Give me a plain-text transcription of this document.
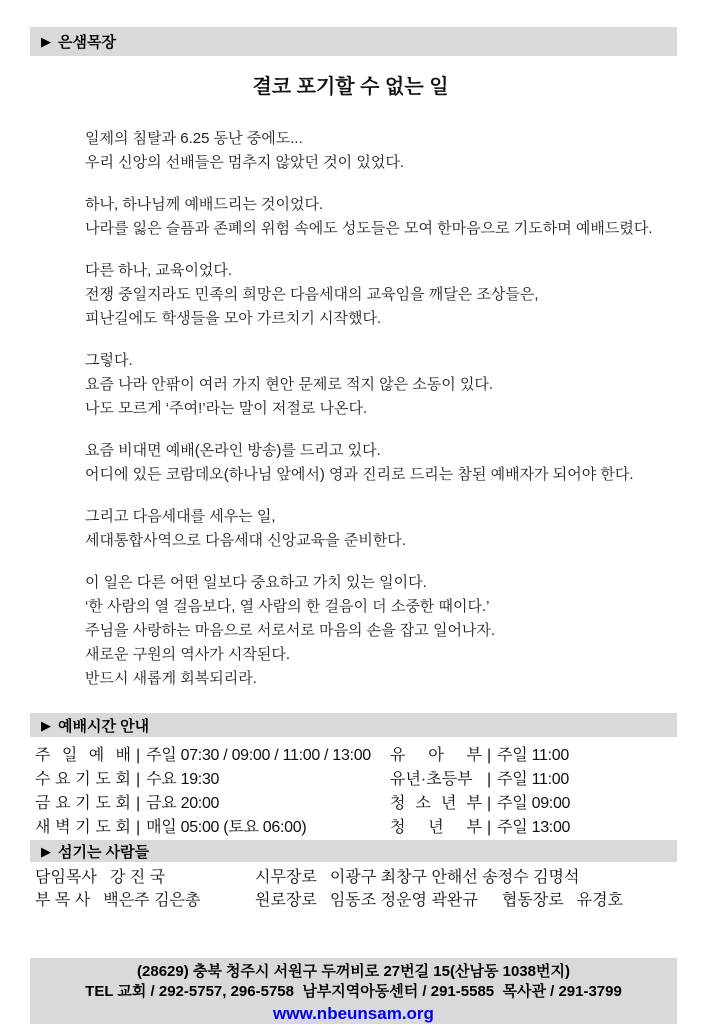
▶ 은샘목장
결코 포기할 수 없는 일

일제의 침탈과 6.25 동난 중에도...
우리 신앙의 선배들은 멈추지 않았던 것이 있었다.

하나, 하나님께 예배드리는 것이었다.
나라를 잃은 슬픔과 존폐의 위험 속에도 성도들은 모여 한마음으로 기도하며 예배드렸다.

다른 하나, 교육이었다.
전쟁 중일지라도 민족의 희망은 다음세대의 교육임을 깨달은 조상들은,
피난길에도 학생들을 모아 가르치기 시작했다.

그렇다.
요즘 나라 안팎이 여러 가지 현안 문제로 적지 않은 소동이 있다.
나도 모르게 ‘주여!’라는 말이 저절로 나온다.

요즘 비대면 예배(온라인 방송)를 드리고 있다.
어디에 있든 코람데오(하나님 앞에서) 영과 진리로 드리는 참된 예배자가 되어야 한다.

그리고 다음세대를 세우는 일,
세대통합사역으로 다음세대 신앙교육을 준비한다.

이 일은 다른 어떤 일보다 중요하고 가치 있는 일이다.
‘한 사람의 열 걸음보다, 열 사람의 한 걸음이 더 소중한 때이다.’
주님을 사랑하는 마음으로 서로서로 마음의 손을 잡고 일어나자.
새로운 구원의 역사가 시작된다.
반드시 새롭게 회복되리라.

▶ 예배시간 안내
주 일 예 배 | 주일 07:30 / 09:00 / 11:00 / 13:00
수 요 기 도 회 | 수요 19:30
금 요 기 도 회 | 금요 20:00
새 벽 기 도 회 | 매일 05:00 (토요 06:00)
유 아 부 | 주일 11:00
유년·초등부 | 주일 11:00
청 소 년 부 | 주일 09:00
청 년 부 | 주일 13:00
▶ 섬기는 사람들
담임목사 강 진 국	시무장로 이광구 최창구 안해선 송정수 김명석
부 목 사 백은주 김은총	원로장로 임동조 정운영 곽완규 협동장로 유경호
(28629) 충북 청주시 서원구 두꺼비로 27번길 15(산남동 1038번지)
TEL 교회 / 292-5757, 296-5758  남부지역아동센터 / 291-5585  목사관 / 291-3799
www.nbeunsam.org
